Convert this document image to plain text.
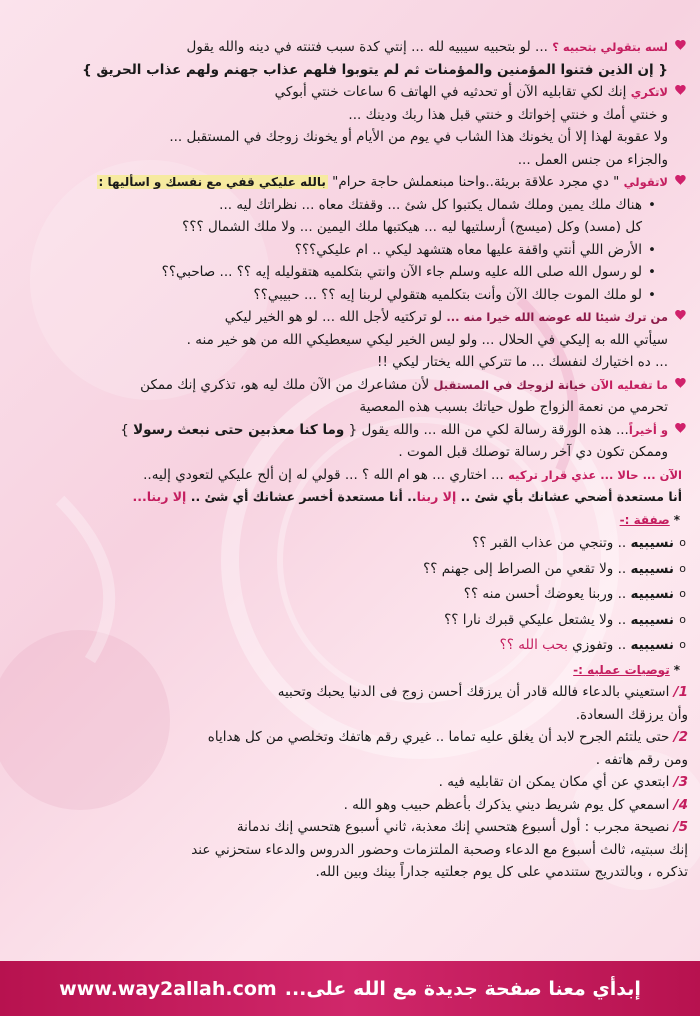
لسه بتقولي بتحبيه ؟ ... لو بتحبيه سيبيه لله ... إنتي كدة سبب فتنته في دينه والله يقول

{ إن الذين فتنوا المؤمنين والمؤمنات ثم لم يتوبوا فلهم عذاب جهنم ولهم عذاب الحريق }

لاتكري إنك لكي تقابليه الآن أو تحدثيه في الهاتف 6 ساعات خنتي أبوكي

و خنتي أمك و خنتي إخواتك و خنتي قبل هذا ربك ودينك ...

ولا عقوبة لهذا إلا أن يخونك هذا الشاب في يوم من الأيام أو يخونك زوجك في المستقبل ...

والجزاء من جنس العمل ...

لاتقولي " دي مجرد علاقة بريئة..واحنا مبنعملش حاجة حرام" بالله عليكي قفي مع نفسك و اسأليها :

• هناك ملك يمين وملك شمال يكتبوا كل شئ ... وقفتك معاه ... نظراتك ليه ...
كل (مسد) وكل (ميسج) أرسلتيها ليه ... هيكتبها ملك اليمين ... ولا ملك الشمال ؟؟؟
• الأرض اللي أنتي واقفة عليها معاه هتشهد ليكي .. ام عليكي؟؟؟
• لو رسول الله صلى الله عليه وسلم جاء الآن وانتي بتكلميه هتقوليله إيه ؟؟ ... صاحبي؟؟
• لو ملك الموت جالك الآن وأنت بتكلميه هتقولي لربنا إيه ؟؟ ... حبيبي؟؟

من ترك شيئا لله عوضه الله خيرا منه ... لو تركتيه لأجل الله ... لو هو الخير ليكي

سيأتي الله به إليكي في الحلال ... ولو ليس الخير ليكي سيعطيكي الله من هو خير منه .

... ده اختيارك لنفسك ... ما تتركي الله يختار ليكي !!

ما تفعليه الآن خيانة لزوجك في المستقبل لأن مشاعرك من الآن ملك ليه هو، تذكري إنك ممكن

تحرمي من نعمة الزواج طول حياتك بسبب هذه المعصية

و أخيراً... هذه الورقة رسالة لكي من الله ... والله يقول { وما كنا معذبين حتى نبعث رسولا }

وممكن تكون دي آخر رسالة توصلك قبل الموت .

الآن ... حالا ... عذي قرار تركيه ... اختاري ... هو ام الله ؟ ... قولي له إن ألح عليكي لتعودي إليه..

أنا مستعدة أضحي عشانك بأي شئ .. إلا ربنا.. أنا مستعدة أخسر عشانك أي شئ .. إلا ربنا...

*صفقة :-

o نسيبيه .. وتنجي من عذاب القبر ؟؟
o نسيبيه .. ولا تقعي من الصراط إلى جهنم ؟؟
o نسيبيه .. وربنا يعوضك أحسن منه ؟؟
o نسيبيه .. ولا يشتعل عليكي قبرك نارا ؟؟
o نسيبيه .. وتفوزي بحب الله ؟؟

*توصيات عمليه :-

1/ استعيني بالدعاء فالله قادر أن يرزقك أحسن زوج فى الدنيا يحبك وتحبيه

وأن يرزقك السعادة.

2/ حتى يلتئم الجرح لابد أن يغلق عليه تماما .. غيري رقم هاتفك وتخلصي من كل هداياه

ومن رقم هاتفه .

3/ ابتعدي عن أي مكان يمكن ان تقابليه فيه .

4/ اسمعي كل يوم شريط ديني يذكرك بأعظم حبيب وهو الله .

5/ نصيحة مجرب : أول أسبوع هتحسي إنك معذبة، ثاني أسبوع هتحسي إنك ندمانة

إنك سبتيه، ثالث أسبوع مع الدعاء وصحبة الملتزمات وحضور الدروس والدعاء ستحزني عند

تذكره ، وبالتدريج ستندمي على كل يوم جعلتيه جداراً بينك وبين الله.

إبدأي معنا صفحة جديدة مع الله على...
www.way2allah.com
